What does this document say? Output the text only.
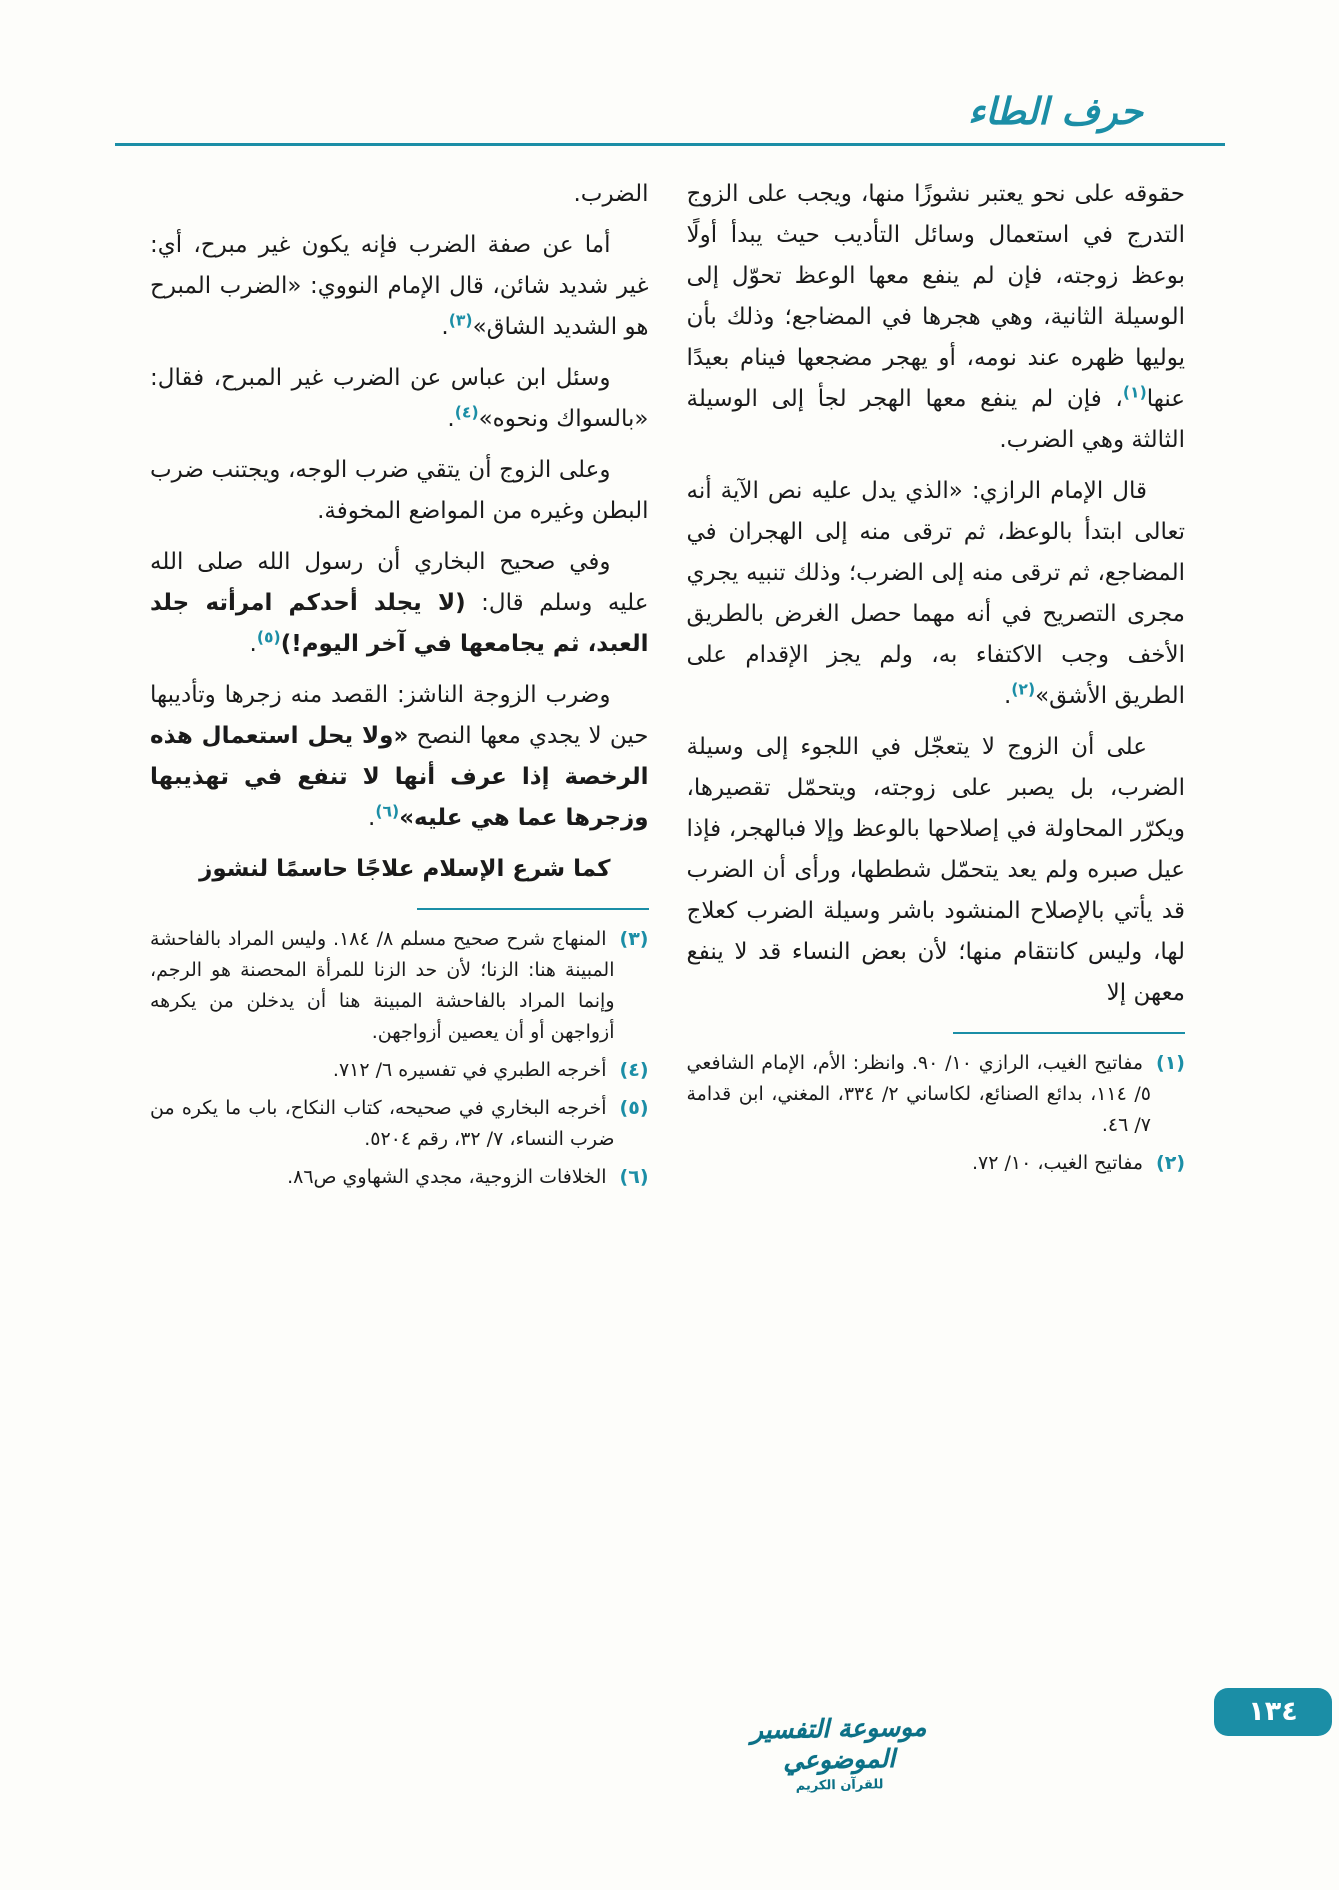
حرف الطاء

حقوقه على نحو يعتبر نشوزًا منها، ويجب على الزوج التدرج في استعمال وسائل التأديب حيث يبدأ أولًا بوعظ زوجته، فإن لم ينفع معها الوعظ تحوّل إلى الوسيلة الثانية، وهي هجرها في المضاجع؛ وذلك بأن يوليها ظهره عند نومه، أو يهجر مضجعها فينام بعيدًا عنها$^{(١)}$، فإن لم ينفع معها الهجر لجأ إلى الوسيلة الثالثة وهي الضرب.

قال الإمام الرازي: «الذي يدل عليه نص الآية أنه تعالى ابتدأ بالوعظ، ثم ترقى منه إلى الهجران في المضاجع، ثم ترقى منه إلى الضرب؛ وذلك تنبيه يجري مجرى التصريح في أنه مهما حصل الغرض بالطريق الأخف وجب الاكتفاء به، ولم يجز الإقدام على الطريق الأشق»$^{(٢)}$.

على أن الزوج لا يتعجّل في اللجوء إلى وسيلة الضرب، بل يصبر على زوجته، ويتحمّل تقصيرها، ويكرّر المحاولة في إصلاحها بالوعظ وإلا فبالهجر، فإذا عيل صبره ولم يعد يتحمّل شططها، ورأى أن الضرب قد يأتي بالإصلاح المنشود باشر وسيلة الضرب كعلاج لها، وليس كانتقام منها؛ لأن بعض النساء قد لا ينفع معهن إلا

(١)مفاتيح الغيب، الرازي ١٠/ ٩٠. وانظر: الأم، الإمام الشافعي ٥/ ١١٤، بدائع الصنائع، لكاساني ٢/ ٣٣٤، المغني، ابن قدامة ٧/ ٤٦.
(٢)مفاتيح الغيب، ١٠/ ٧٢.

الضرب.

أما عن صفة الضرب فإنه يكون غير مبرح، أي: غير شديد شائن، قال الإمام النووي: «الضرب المبرح هو الشديد الشاق»$^{(٣)}$.

وسئل ابن عباس عن الضرب غير المبرح، فقال: «بالسواك ونحوه»$^{(٤)}$.

وعلى الزوج أن يتقي ضرب الوجه، ويجتنب ضرب البطن وغيره من المواضع المخوفة.

وفي صحيح البخاري أن رسول الله صلى الله عليه وسلم قال: (لا يجلد أحدكم امرأته جلد العبد، ثم يجامعها في آخر اليوم!)$^{(٥)}$.

وضرب الزوجة الناشز: القصد منه زجرها وتأديبها حين لا يجدي معها النصح «ولا يحل استعمال هذه الرخصة إذا عرف أنها لا تنفع في تهذيبها وزجرها عما هي عليه»$^{(٦)}$.

كما شرع الإسلام علاجًا حاسمًا لنشوز

(٣)المنهاج شرح صحيح مسلم ٨/ ١٨٤. وليس المراد بالفاحشة المبينة هنا: الزنا؛ لأن حد الزنا للمرأة المحصنة هو الرجم، وإنما المراد بالفاحشة المبينة هنا أن يدخلن من يكرهه أزواجهن أو أن يعصين أزواجهن.
(٤)أخرجه الطبري في تفسيره ٦/ ٧١٢.
(٥)أخرجه البخاري في صحيحه، كتاب النكاح، باب ما يكره من ضرب النساء، ٧/ ٣٢، رقم ٥٢٠٤.
(٦)الخلافات الزوجية، مجدي الشهاوي ص٨٦.
موسوعة التفسير الموضوعي
للقرآن الكريم
١٣٤
